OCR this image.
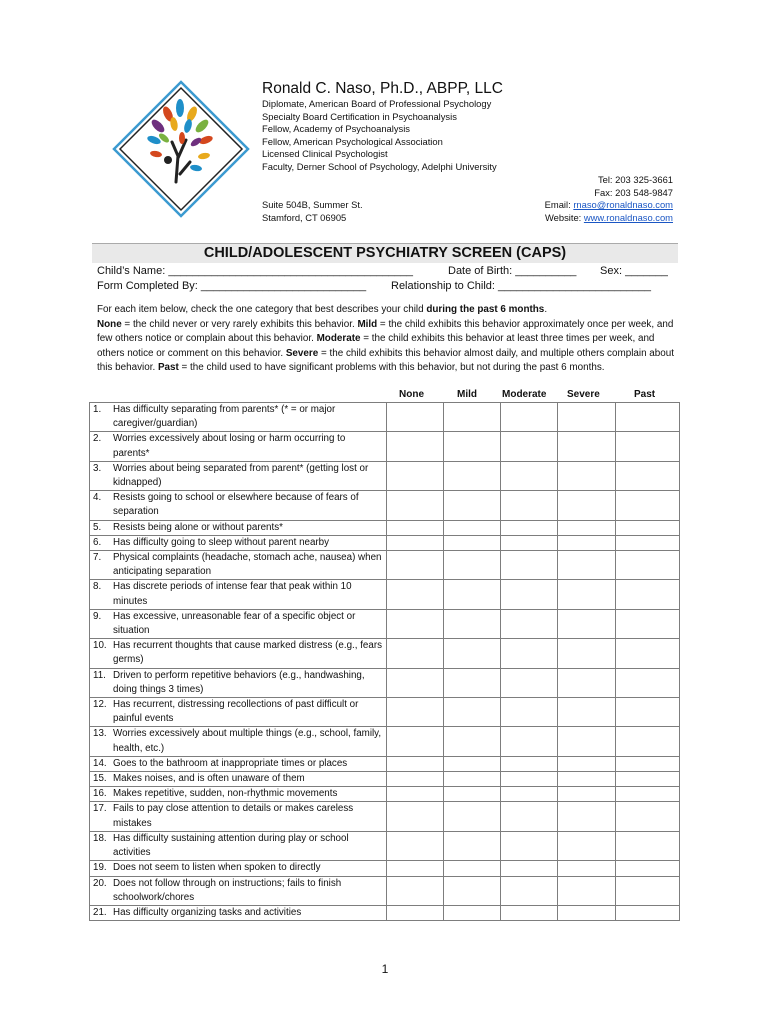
Ronald C. Naso, Ph.D., ABPP, LLC
Diplomate, American Board of Professional Psychology
Specialty Board Certification in Psychoanalysis
Fellow, Academy of Psychoanalysis
Fellow, American Psychological Association
Licensed Clinical Psychologist
Faculty, Derner School of Psychology, Adelphi University
Suite 504B, Summer St.
Stamford, CT 06905
Tel: 203 325-3661
Fax: 203 548-9847
Email: rnaso@ronaldnaso.com
Website: www.ronaldnaso.com
CHILD/ADOLESCENT PSYCHIATRY SCREEN (CAPS)
Child’s Name: ________________________________________	Date of Birth: __________ Sex: _______
Form Completed By: ___________________________ Relationship to Child: _________________________
For each item below, check the one category that best describes your child during the past 6 months.
None = the child never or very rarely exhibits this behavior. Mild = the child exhibits this behavior approximately once per week, and few others notice or complain about this behavior. Moderate = the child exhibits this behavior at least three times per week, and others notice or comment on this behavior. Severe = the child exhibits this behavior almost daily, and multiple others complain about this behavior. Past = the child used to have significant problems with this behavior, but not during the past 6 months.
None	Mild	Moderate Severe	Past
1. Has difficulty separating from parents* (* = or major caregiver/guardian)					

2. Worries excessively about losing or harm occurring to parents*					

3. Worries about being separated from parent* (getting lost or kidnapped)					

4. Resists going to school or elsewhere because of fears of separation					

5. Resists being alone or without parents*					

6. Has difficulty going to sleep without parent nearby					

7. Physical complaints (headache, stomach ache, nausea) when anticipating separation					

8. Has discrete periods of intense fear that peak within 10 minutes					

9. Has excessive, unreasonable fear of a specific object or situation					

10. Has recurrent thoughts that cause marked distress (e.g., fears germs)					

11. Driven to perform repetitive behaviors (e.g., handwashing, doing things 3 times)					

12. Has recurrent, distressing recollections of past difficult or painful events					

13. Worries excessively about multiple things (e.g., school, family, health, etc.)					

14. Goes to the bathroom at inappropriate times or places					

15. Makes noises, and is often unaware of them					

16. Makes repetitive, sudden, non-rhythmic movements					

17. Fails to pay close attention to details or makes careless mistakes					

18. Has difficulty sustaining attention during play or school activities					

19. Does not seem to listen when spoken to directly					

20. Does not follow through on instructions; fails to finish schoolwork/chores					

21. Has difficulty organizing tasks and activities					

1
